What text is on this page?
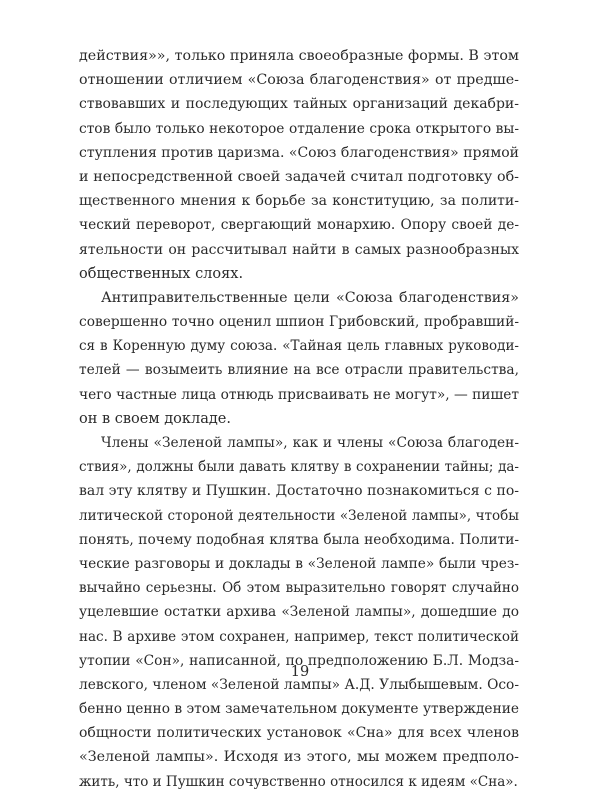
действия»», только приняла своеобразные формы. В этом
отношении отличием «Союза благоденствия» от предше-
ствовавших и последующих тайных организаций декабри-
стов было только некоторое отдаление срока открытого вы-
ступления против царизма. «Союз благоденствия» прямой
и непосредственной своей задачей считал подготовку об-
щественного мнения к борьбе за конституцию, за полити-
ческий переворот, свергающий монархию. Опору своей де-
ятельности он рассчитывал найти в самых разнообразных
общественных слоях.
Антиправительственные цели «Союза благоденствия»
совершенно точно оценил шпион Грибовский, пробравший-
ся в Коренную думу союза. «Тайная цель главных руководи-
телей — возымеить влияние на все отрасли правительства,
чего частные лица отнюдь присваивать не могут», — пишет
он в своем докладе.
Члены «Зеленой лампы», как и члены «Союза благоден-
ствия», должны были давать клятву в сохранении тайны; да-
вал эту клятву и Пушкин. Достаточно познакомиться с по-
литической стороной деятельности «Зеленой лампы», чтобы
понять, почему подобная клятва была необходима. Полити-
ческие разговоры и доклады в «Зеленой лампе» были чрез-
вычайно серьезны. Об этом выразительно говорят случайно
уцелевшие остатки архива «Зеленой лампы», дошедшие до
нас. В архиве этом сохранен, например, текст политической
утопии «Сон», написанной, по предположению Б.Л. Модза-
левского, членом «Зеленой лампы» А.Д. Улыбышевым. Осо-
бенно ценно в этом замечательном документе утверждение
общности политических установок «Сна» для всех членов
«Зеленой лампы». Исходя из этого, мы можем предполо-
жить, что и Пушкин сочувственно относился к идеям «Сна».
19
